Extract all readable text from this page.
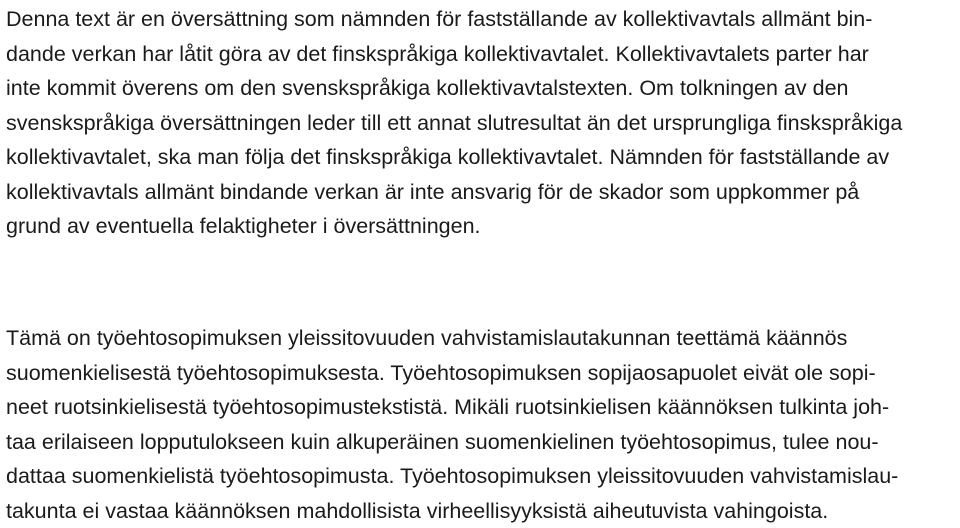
Denna text är en översättning som nämnden för fastställande av kollektivavtals allmänt bin-
dande verkan har låtit göra av det finskspråkiga kollektivavtalet. Kollektivavtalets parter har
inte kommit överens om den svenskspråkiga kollektivavtalstexten. Om tolkningen av den
svenskspråkiga översättningen leder till ett annat slutresultat än det ursprungliga finskspråkiga
kollektivavtalet, ska man följa det finskspråkiga kollektivavtalet. Nämnden för fastställande av
kollektivavtals allmänt bindande verkan är inte ansvarig för de skador som uppkommer på
grund av eventuella felaktigheter i översättningen.

Tämä on työehtosopimuksen yleissitovuuden vahvistamislautakunnan teettämä käännös
suomenkielisestä työehtosopimuksesta. Työehtosopimuksen sopijaosapuolet eivät ole sopi-
neet ruotsinkielisestä työehtosopimustekstistä. Mikäli ruotsinkielisen käännöksen tulkinta joh-
taa erilaiseen lopputulokseen kuin alkuperäinen suomenkielinen työehtosopimus, tulee nou-
dattaa suomenkielistä työehtosopimusta. Työehtosopimuksen yleissitovuuden vahvistamislau-
takunta ei vastaa käännöksen mahdollisista virheellisyyksistä aiheutuvista vahingoista.
